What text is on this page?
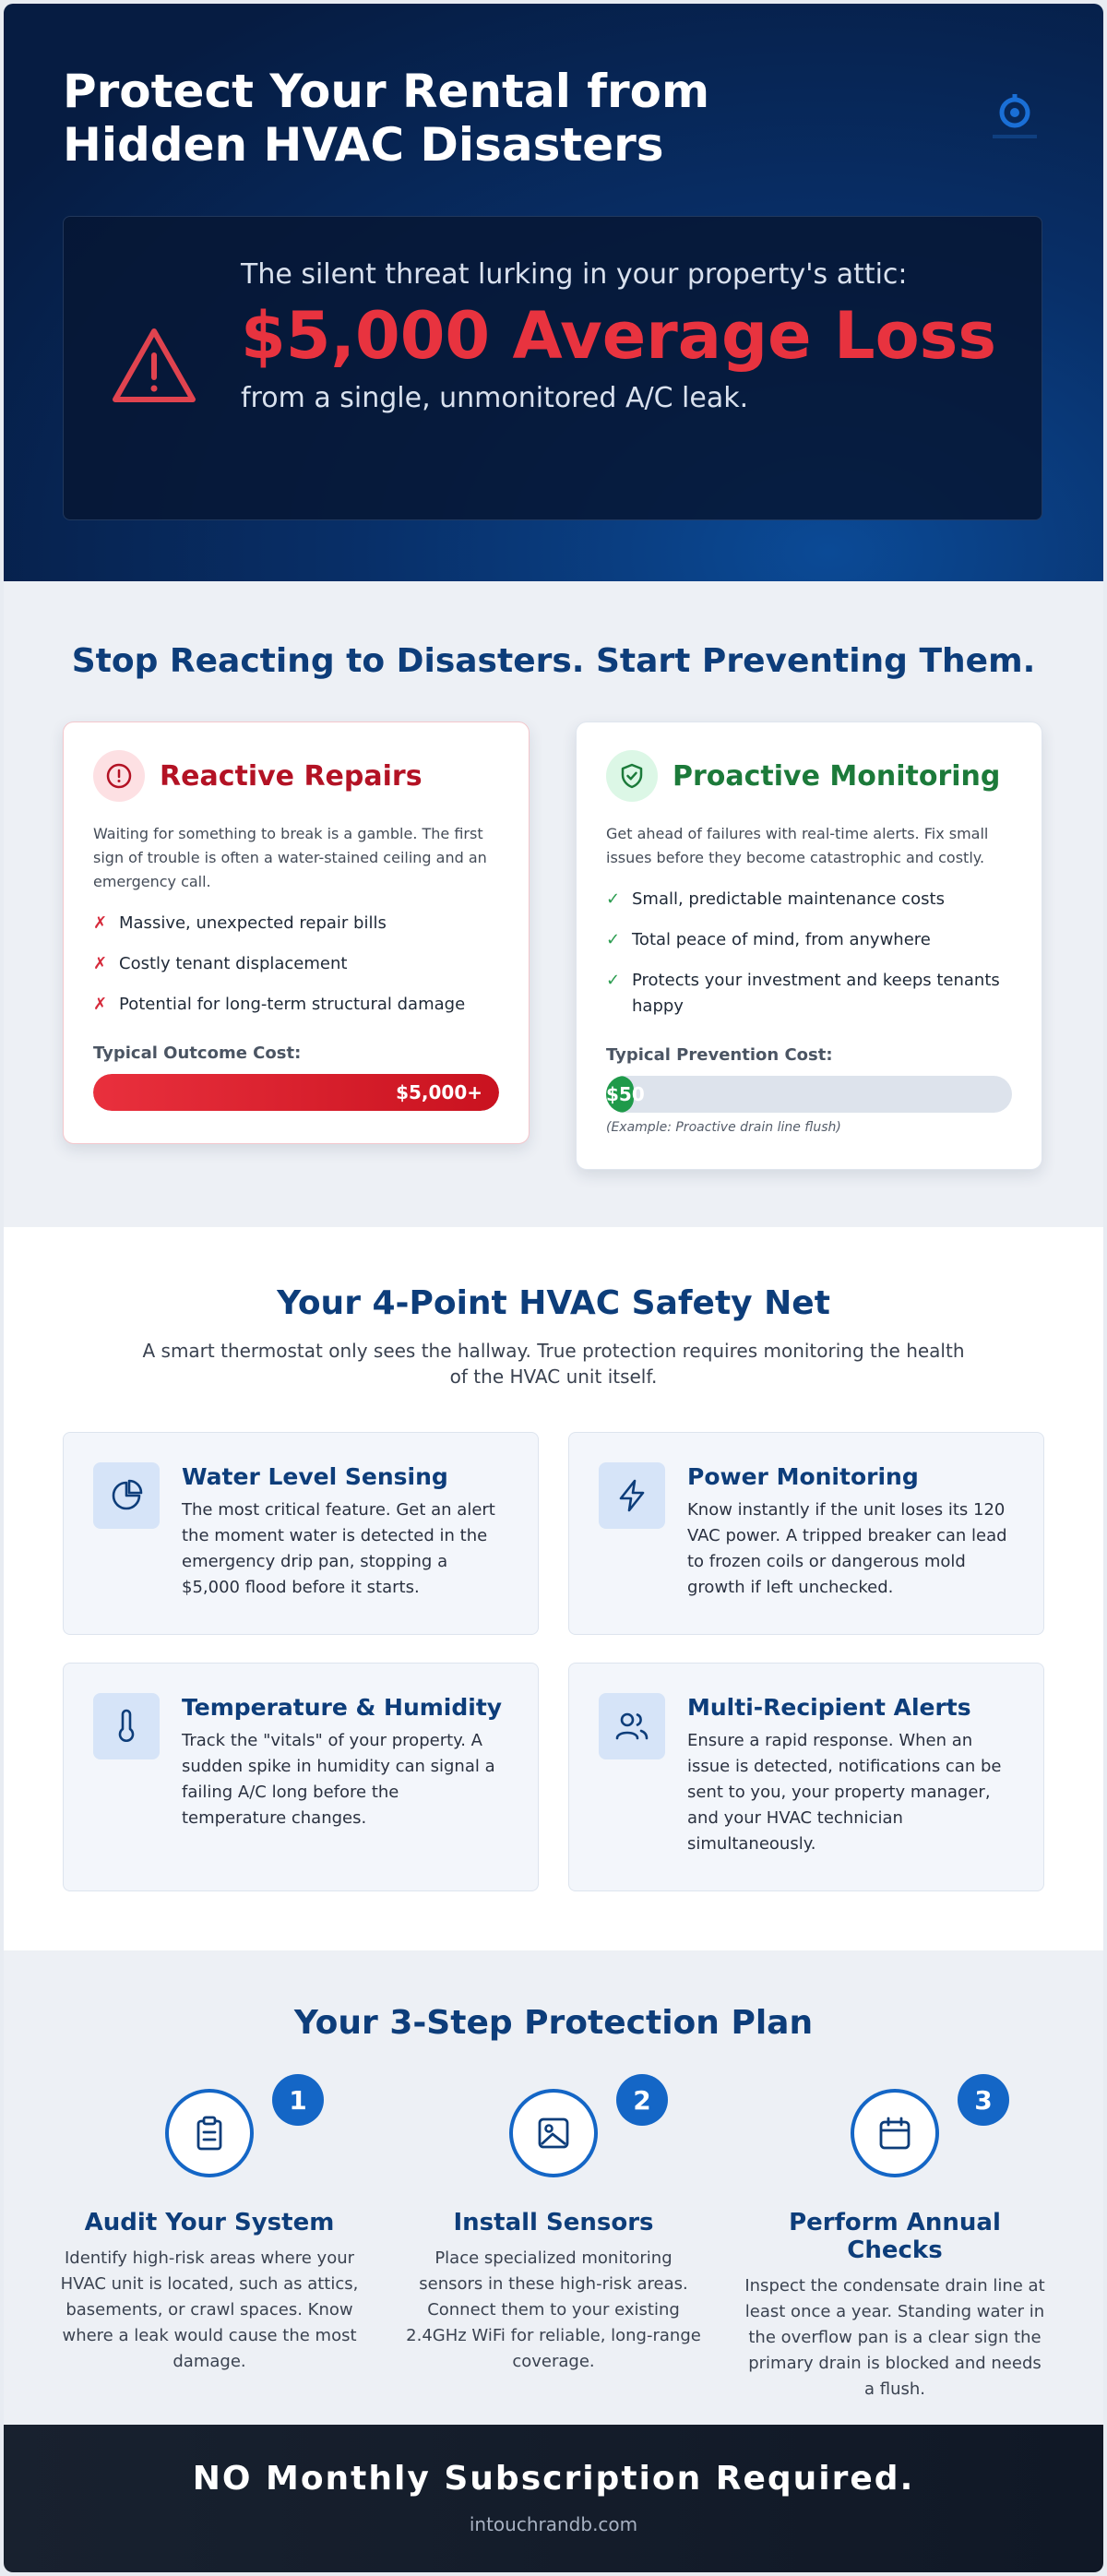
Protect Your Rental from Hidden HVAC Disasters
The silent threat lurking in your property's attic:
$5,000 Average Loss
from a single, unmonitored A/C leak.
Stop Reacting to Disasters. Start Preventing Them.
Reactive Repairs

Waiting for something to break is a gamble. The first sign of trouble is often a water-stained ceiling and an emergency call.

✗ Massive, unexpected repair bills
✗ Costly tenant displacement
✗ Potential for long-term structural damage
Typical Outcome Cost:
$5,000+
Proactive Monitoring

Get ahead of failures with real-time alerts. Fix small issues before they become catastrophic and costly.

✓ Small, predictable maintenance costs
✓ Total peace of mind, from anywhere
✓ Protects your investment and keeps tenants happy
Typical Prevention Cost:
$50
(Example: Proactive drain line flush)
Your 4-Point HVAC Safety Net

A smart thermostat only sees the hallway. True protection requires monitoring the health of the HVAC unit itself.

Water Level Sensing
The most critical feature. Get an alert the moment water is detected in the emergency drip pan, stopping a $5,000 flood before it starts.
Power Monitoring
Know instantly if the unit loses its 120 VAC power. A tripped breaker can lead to frozen coils or dangerous mold growth if left unchecked.
Temperature & Humidity
Track the "vitals" of your property. A sudden spike in humidity can signal a failing A/C long before the temperature changes.
Multi-Recipient Alerts
Ensure a rapid response. When an issue is detected, notifications can be sent to you, your property manager, and your HVAC technician simultaneously.
Your 3-Step Protection Plan
1
Audit Your System
Identify high-risk areas where your HVAC unit is located, such as attics, basements, or crawl spaces. Know where a leak would cause the most damage.
2
Install Sensors
Place specialized monitoring sensors in these high-risk areas. Connect them to your existing 2.4GHz WiFi for reliable, long-range coverage.
3
Perform Annual Checks
Inspect the condensate drain line at least once a year. Standing water in the overflow pan is a clear sign the primary drain is blocked and needs a flush.
NO Monthly Subscription Required.
intouchrandb.com
